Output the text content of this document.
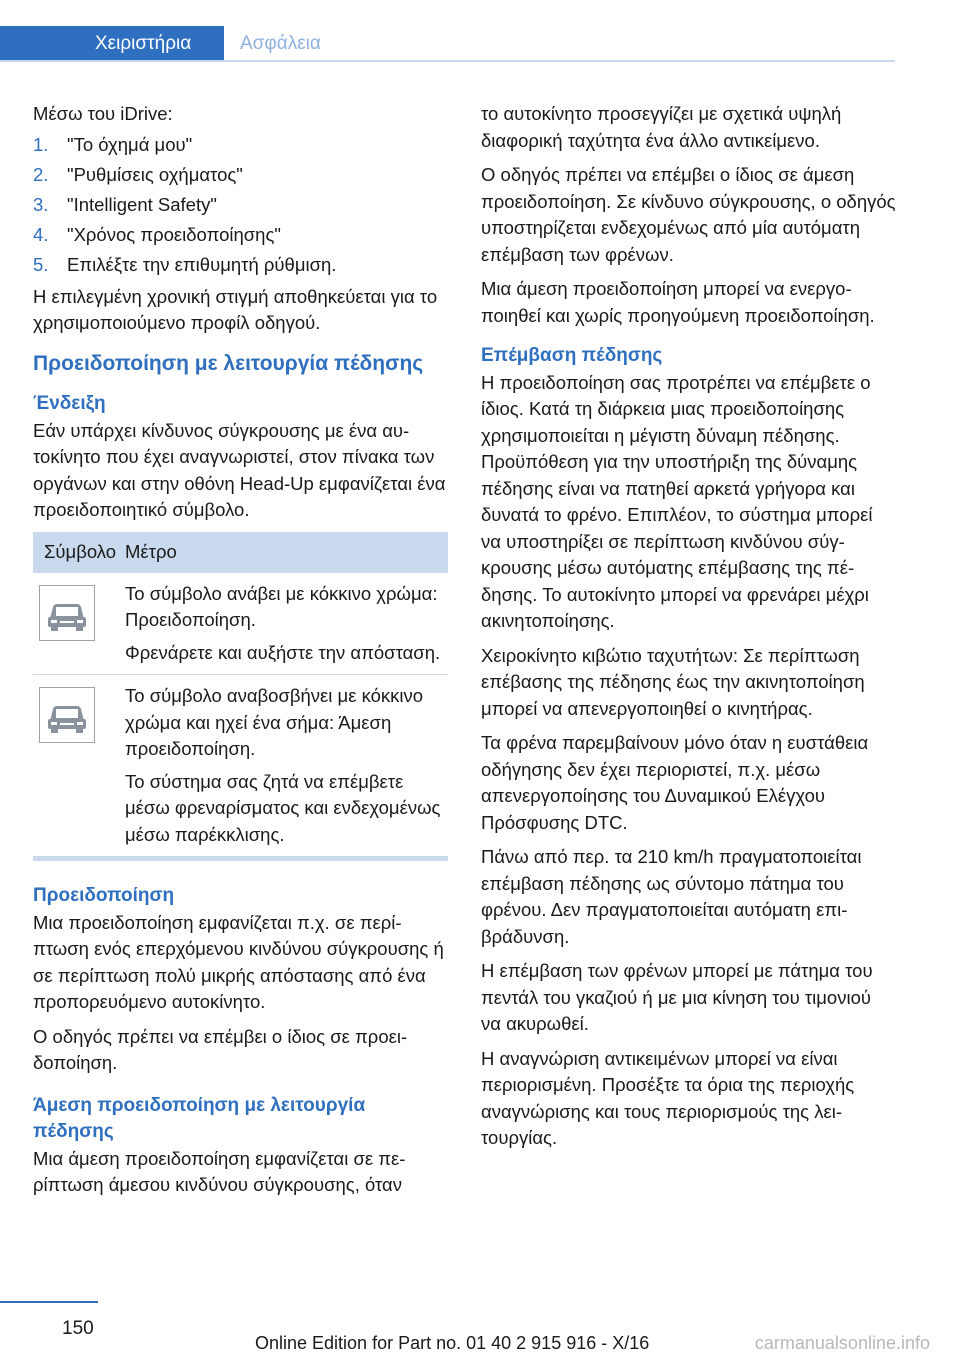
Χειριστήρια	Ασφάλεια

Μέσω του iDrive:

1.	"Το όχημά μου"
2.	"Ρυθμίσεις οχήματος"
3.	"Intelligent Safety"
4.	"Χρόνος προειδοποίησης"
5.	Επιλέξτε την επιθυμητή ρύθμιση.

Η επιλεγμένη χρονική στιγμή αποθηκεύεται για το χρησιμοποιούμενο προφίλ οδηγού.

Προειδοποίηση με λειτουργία πέδησης
Ένδειξη

Εάν υπάρχει κίνδυνος σύγκρουσης με ένα αυτοκίνητο που έχει αναγνωριστεί, στον πίνακα των οργάνων και στην οθόνη Head-Up εμφανίζεται ένα προειδοποιητικό σύμβολο.

Σύμβολο Μέτρο

Το σύμβολο ανάβει με κόκκινο χρώμα: Προειδοποίηση.

Φρενάρετε και αυξήστε την απόσταση.

Το σύμβολο αναβοσβήνει με κόκκινο χρώμα και ηχεί ένα σήμα: Άμεση προειδοποίηση.

Το σύστημα σας ζητά να επέμβετε μέσω φρεναρίσματος και ενδεχομένως μέσω παρέκκλισης.

Προειδοποίηση

Μια προειδοποίηση εμφανίζεται π.χ. σε περίπτωση ενός επερχόμενου κινδύνου σύγκρουσης ή σε περίπτωση πολύ μικρής απόστασης από ένα προπορευόμενο αυτοκίνητο.

Ο οδηγός πρέπει να επέμβει ο ίδιος σε προειδοποίηση.

Άμεση προειδοποίηση με λειτουργία πέδησης

Μια άμεση προειδοποίηση εμφανίζεται σε περίπτωση άμεσου κινδύνου σύγκρουσης, όταν

το αυτοκίνητο προσεγγίζει με σχετικά υψηλή διαφορική ταχύτητα ένα άλλο αντικείμενο.

Ο οδηγός πρέπει να επέμβει ο ίδιος σε άμεση προειδοποίηση. Σε κίνδυνο σύγκρουσης, ο οδηγός υποστηρίζεται ενδεχομένως από μία αυτόματη επέμβαση των φρένων.

Μια άμεση προειδοποίηση μπορεί να ενεργοποιηθεί και χωρίς προηγούμενη προειδοποίηση.

Επέμβαση πέδησης

Η προειδοποίηση σας προτρέπει να επέμβετε ο ίδιος. Κατά τη διάρκεια μιας προειδοποίησης χρησιμοποιείται η μέγιστη δύναμη πέδησης. Προϋπόθεση για την υποστήριξη της δύναμης πέδησης είναι να πατηθεί αρκετά γρήγορα και δυνατά το φρένο. Επιπλέον, το σύστημα μπορεί να υποστηρίξει σε περίπτωση κινδύνου σύγκρουσης μέσω αυτόματης επέμβασης της πέδησης. Το αυτοκίνητο μπορεί να φρενάρει μέχρι ακινητοποίησης.

Χειροκίνητο κιβώτιο ταχυτήτων: Σε περίπτωση επέβασης της πέδησης έως την ακινητοποίηση μπορεί να απενεργοποιηθεί ο κινητήρας.

Τα φρένα παρεμβαίνουν μόνο όταν η ευστάθεια οδήγησης δεν έχει περιοριστεί, π.χ. μέσω απενεργοποίησης του Δυναμικού Ελέγχου Πρόσφυσης DTC.

Πάνω από περ. τα 210 km/h πραγματοποιείται επέμβαση πέδησης ως σύντομο πάτημα του φρένου. Δεν πραγματοποιείται αυτόματη επιβράδυνση.

Η επέμβαση των φρένων μπορεί με πάτημα του πεντάλ του γκαζιού ή με μια κίνηση του τιμονιού να ακυρωθεί.

Η αναγνώριση αντικειμένων μπορεί να είναι περιορισμένη. Προσέξτε τα όρια της περιοχής αναγνώρισης και τους περιορισμούς της λειτουργίας.

150
Online Edition for Part no. 01 40 2 915 916 - X/16	carmanualsonline.info
